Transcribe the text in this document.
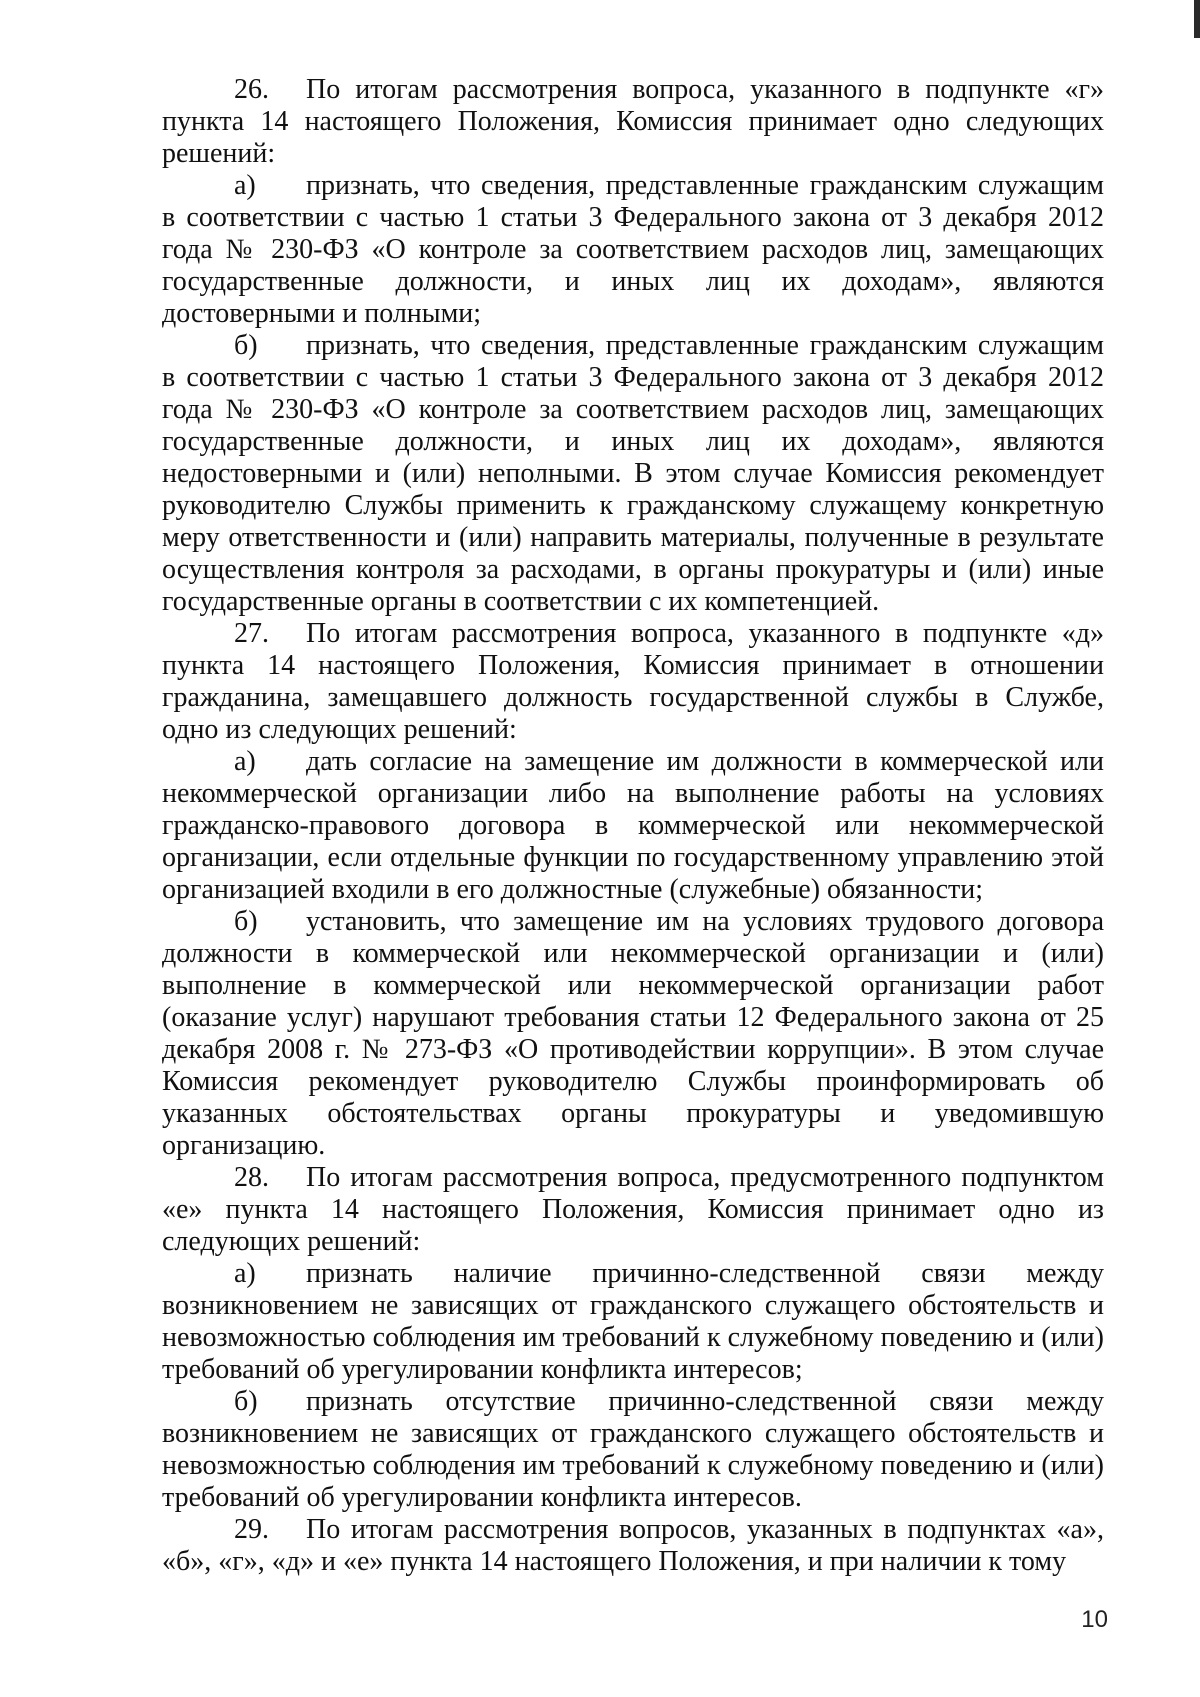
26. По итогам рассмотрения вопроса, указанного в подпункте «г» пункта 14 настоящего Положения, Комиссия принимает одно следующих решений:

а) признать, что сведения, представленные гражданским служащим в соответствии с частью 1 статьи 3 Федерального закона от 3 декабря 2012 года № 230-ФЗ «О контроле за соответствием расходов лиц, замещающих государственные должности, и иных лиц их доходам», являются достоверными и полными;

б) признать, что сведения, представленные гражданским служащим в соответствии с частью 1 статьи 3 Федерального закона от 3 декабря 2012 года № 230-ФЗ «О контроле за соответствием расходов лиц, замещающих государственные должности, и иных лиц их доходам», являются недостоверными и (или) неполными. В этом случае Комиссия рекомендует руководителю Службы применить к гражданскому служащему конкретную меру ответственности и (или) направить материалы, полученные в результате осуществления контроля за расходами, в органы прокуратуры и (или) иные государственные органы в соответствии с их компетенцией.

27. По итогам рассмотрения вопроса, указанного в подпункте «д» пункта 14 настоящего Положения, Комиссия принимает в отношении гражданина, замещавшего должность государственной службы в Службе, одно из следующих решений:

а) дать согласие на замещение им должности в коммерческой или некоммерческой организации либо на выполнение работы на условиях гражданско-правового договора в коммерческой или некоммерческой организации, если отдельные функции по государственному управлению этой организацией входили в его должностные (служебные) обязанности;

б) установить, что замещение им на условиях трудового договора должности в коммерческой или некоммерческой организации и (или) выполнение в коммерческой или некоммерческой организации работ (оказание услуг) нарушают требования статьи 12 Федерального закона от 25 декабря 2008 г. № 273-ФЗ «О противодействии коррупции». В этом случае Комиссия рекомендует руководителю Службы проинформировать об указанных обстоятельствах органы прокуратуры и уведомившую организацию.

28. По итогам рассмотрения вопроса, предусмотренного подпунктом «е» пункта 14 настоящего Положения, Комиссия принимает одно из следующих решений:

а) признать наличие причинно-следственной связи между возникновением не зависящих от гражданского служащего обстоятельств и невозможностью соблюдения им требований к служебному поведению и (или) требований об урегулировании конфликта интересов;

б) признать отсутствие причинно-следственной связи между возникновением не зависящих от гражданского служащего обстоятельств и невозможностью соблюдения им требований к служебному поведению и (или) требований об урегулировании конфликта интересов.

29. По итогам рассмотрения вопросов, указанных в подпунктах «а», «б», «г», «д» и «е» пункта 14 настоящего Положения, и при наличии к тому

10
